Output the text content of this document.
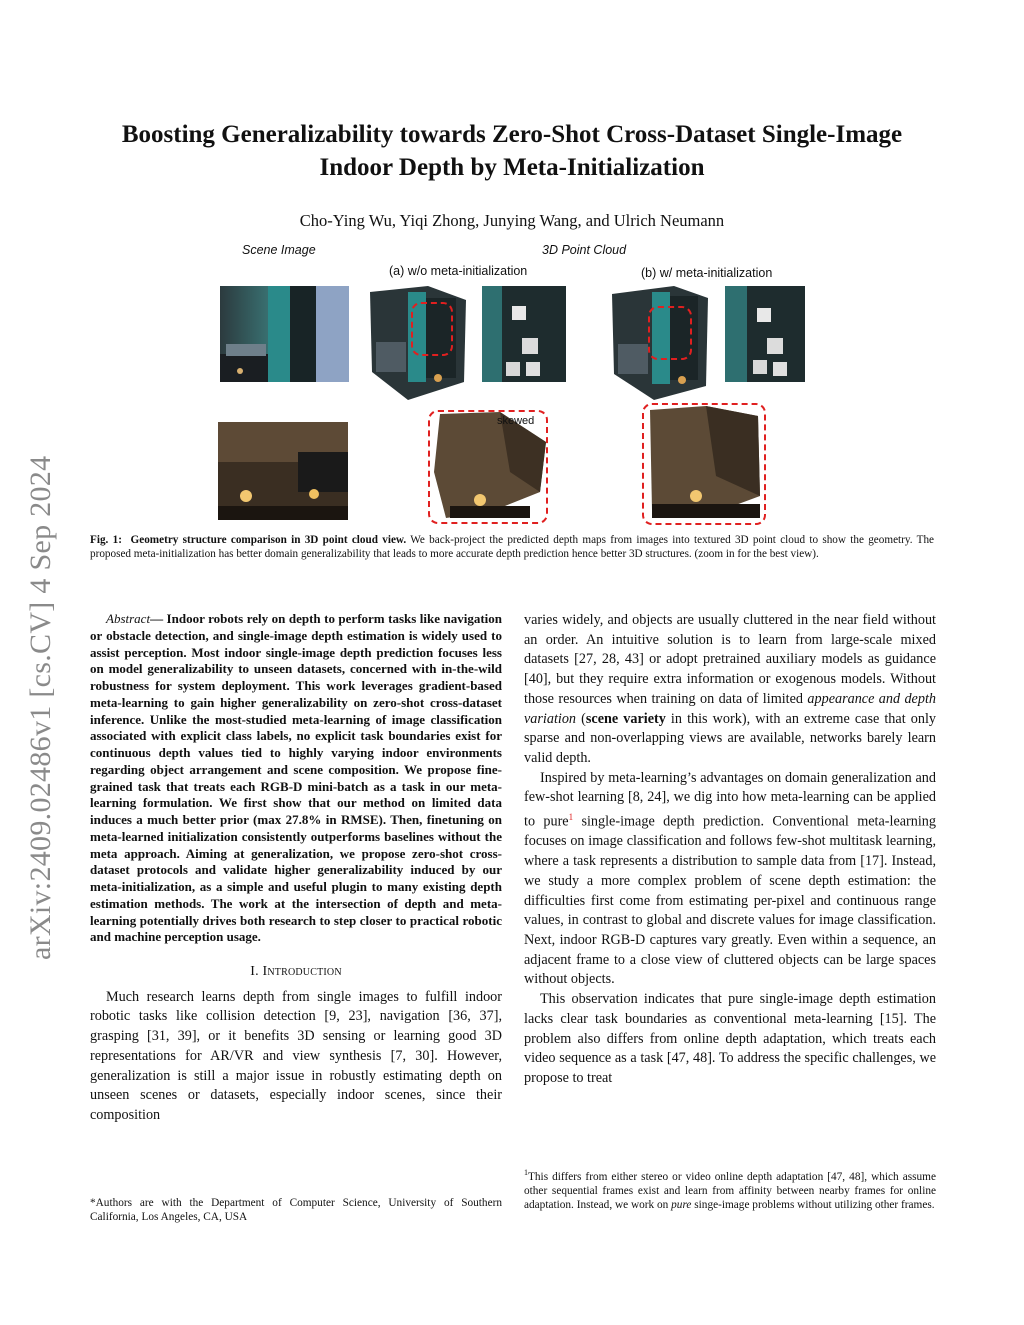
arXiv:2409.02486v1 [cs.CV] 4 Sep 2024
Boosting Generalizability towards Zero-Shot Cross-Dataset Single-Image
Indoor Depth by Meta-Initialization
Cho-Ying Wu, Yiqi Zhong, Junying Wang, and Ulrich Neumann
Scene Image	3D Point Cloud
(a) w/o meta-initialization	(b) w/ meta-initialization
skewed
Fig. 1: Geometry structure comparison in 3D point cloud view. We back-project the predicted depth maps from images into textured 3D point cloud to show the geometry. The proposed meta-initialization has better domain generalizability that leads to more accurate depth prediction hence better 3D structures. (zoom in for the best view).

Abstract— Indoor robots rely on depth to perform tasks like navigation or obstacle detection, and single-image depth estimation is widely used to assist perception. Most indoor single-image depth prediction focuses less on model generalizability to unseen datasets, concerned with in-the-wild robustness for system deployment. This work leverages gradient-based meta-learning to gain higher generalizability on zero-shot cross-dataset inference. Unlike the most-studied meta-learning of image classification associated with explicit class labels, no explicit task boundaries exist for continuous depth values tied to highly varying indoor environments regarding object arrangement and scene composition. We propose fine-grained task that treats each RGB-D mini-batch as a task in our meta-learning formulation. We first show that our method on limited data induces a much better prior (max 27.8% in RMSE). Then, finetuning on meta-learned initialization consistently outperforms baselines without the meta approach. Aiming at generalization, we propose zero-shot cross-dataset protocols and validate higher generalizability induced by our meta-initialization, as a simple and useful plugin to many existing depth estimation methods. The work at the intersection of depth and meta-learning potentially drives both research to step closer to practical robotic and machine perception usage.

I. Introduction

Much research learns depth from single images to fulfill indoor robotic tasks like collision detection [9, 23], navigation [36, 37], grasping [31, 39], or it benefits 3D sensing or learning good 3D representations for AR/VR and view synthesis [7, 30]. However, generalization is still a major issue in robustly estimating depth on unseen scenes or datasets, especially indoor scenes, since their composition

*Authors are with the Department of Computer Science, University of Southern California, Los Angeles, CA, USA

varies widely, and objects are usually cluttered in the near field without an order. An intuitive solution is to learn from large-scale mixed datasets [27, 28, 43] or adopt pretrained auxiliary models as guidance [40], but they require extra information or exogenous models. Without those resources when training on data of limited appearance and depth variation (scene variety in this work), with an extreme case that only sparse and non-overlapping views are available, networks barely learn valid depth.

Inspired by meta-learning’s advantages on domain generalization and few-shot learning [8, 24], we dig into how meta-learning can be applied to pure$^1$ single-image depth prediction. Conventional meta-learning focuses on image classification and follows few-shot multitask learning, where a task represents a distribution to sample data from [17]. Instead, we study a more complex problem of scene depth estimation: the difficulties first come from estimating per-pixel and continuous range values, in contrast to global and discrete values for image classification. Next, indoor RGB-D captures vary greatly. Even within a sequence, an adjacent frame to a close view of cluttered objects can be large spaces without objects.

This observation indicates that pure single-image depth estimation lacks clear task boundaries as conventional meta-learning [15]. The problem also differs from online depth adaptation, which treats each video sequence as a task [47, 48]. To address the specific challenges, we propose to treat

$^1$This differs from either stereo or video online depth adaptation [47, 48], which assume other sequential frames exist and learn from affinity between nearby frames for online adaptation. Instead, we work on pure singe-image problems without utilizing other frames.
